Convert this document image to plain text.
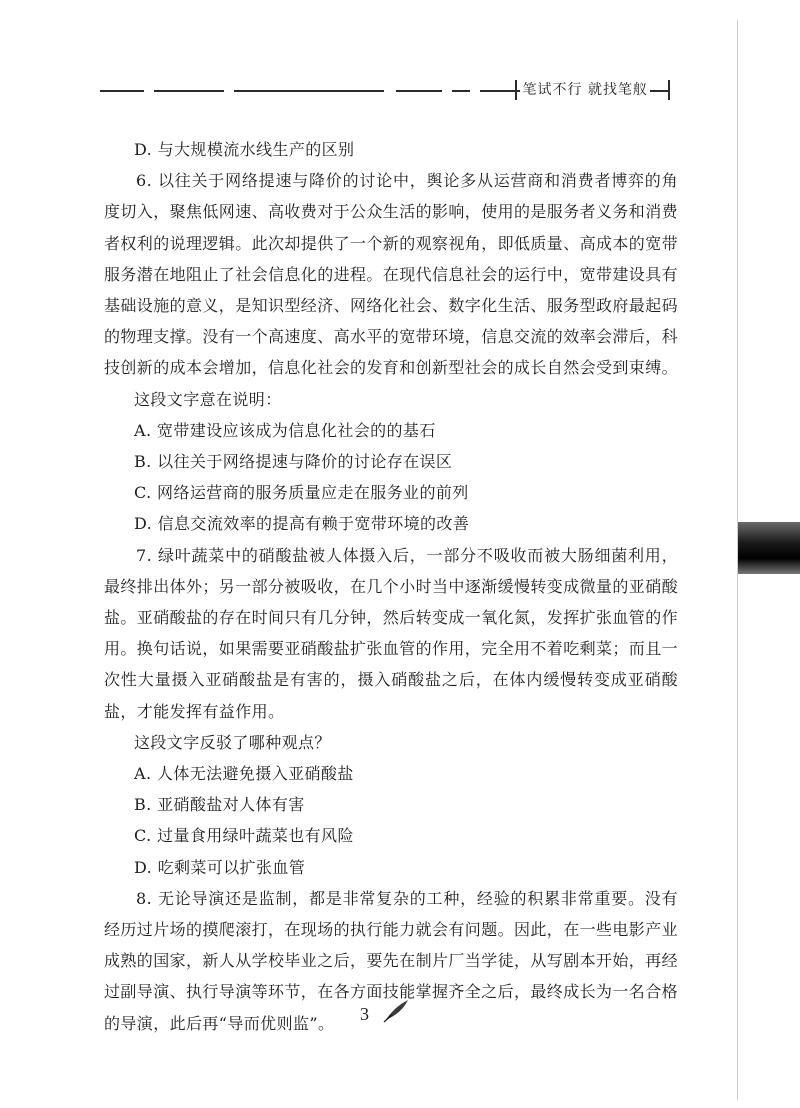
笔试不行 就找笔舣

D. 与大规模流水线生产的区别

6. 以往关于网络提速与降价的讨论中，舆论多从运营商和消费者博弈的角度切入，聚焦低网速、高收费对于公众生活的影响，使用的是服务者义务和消费者权利的说理逻辑。此次却提供了一个新的观察视角，即低质量、高成本的宽带服务潜在地阻止了社会信息化的进程。在现代信息社会的运行中，宽带建设具有基础设施的意义，是知识型经济、网络化社会、数字化生活、服务型政府最起码的物理支撑。没有一个高速度、高水平的宽带环境，信息交流的效率会滞后，科技创新的成本会增加，信息化社会的发育和创新型社会的成长自然会受到束缚。

这段文字意在说明：

A. 宽带建设应该成为信息化社会的的基石

B. 以往关于网络提速与降价的讨论存在误区

C. 网络运营商的服务质量应走在服务业的前列

D. 信息交流效率的提高有赖于宽带环境的改善

7. 绿叶蔬菜中的硝酸盐被人体摄入后，一部分不吸收而被大肠细菌利用，最终排出体外；另一部分被吸收，在几个小时当中逐渐缓慢转变成微量的亚硝酸盐。亚硝酸盐的存在时间只有几分钟，然后转变成一氧化氮，发挥扩张血管的作用。换句话说，如果需要亚硝酸盐扩张血管的作用，完全用不着吃剩菜；而且一次性大量摄入亚硝酸盐是有害的，摄入硝酸盐之后，在体内缓慢转变成亚硝酸盐，才能发挥有益作用。

这段文字反驳了哪种观点？

A. 人体无法避免摄入亚硝酸盐

B. 亚硝酸盐对人体有害

C. 过量食用绿叶蔬菜也有风险

D. 吃剩菜可以扩张血管

8. 无论导演还是监制，都是非常复杂的工种，经验的积累非常重要。没有经历过片场的摸爬滚打，在现场的执行能力就会有问题。因此，在一些电影产业成熟的国家，新人从学校毕业之后，要先在制片厂当学徒，从写剧本开始，再经过副导演、执行导演等环节，在各方面技能掌握齐全之后，最终成长为一名合格的导演，此后再“导而优则监”。	3
